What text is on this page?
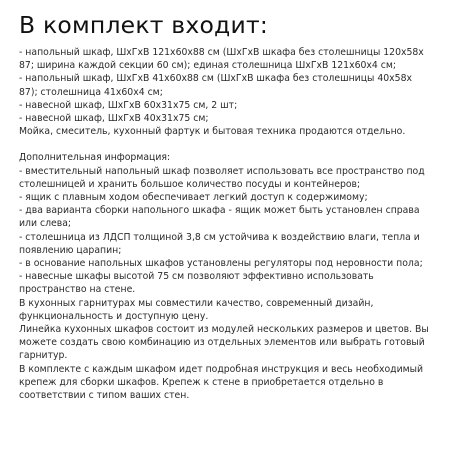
В комплект входит:
- напольный шкаф, ШхГхВ 121х60х88 см (ШхГхВ шкафа без столешницы 120х58х
87; ширина каждой секции 60 см); единая столешница ШхГхВ 121х60х4 см;
- напольный шкаф, ШхГхВ 41х60х88 см (ШхГхВ шкафа без столешницы 40х58х
87); столешница 41х60х4 см;
- навесной шкаф, ШхГхВ 60х31х75 см, 2 шт;
- навесной шкаф, ШхГхВ 40х31х75 см;
Мойка, смеситель, кухонный фартук и бытовая техника продаются отдельно.
Дополнительная информация:
- вместительный напольный шкаф позволяет использовать все пространство под
столешницей и хранить большое количество посуды и контейнеров;
- ящик с плавным ходом обеспечивает легкий доступ к содержимому;
- два варианта сборки напольного шкафа - ящик может быть установлен справа
или слева;
- столешница из ЛДСП толщиной 3,8 см устойчива к воздействию влаги, тепла и
появлению царапин;
- в основание напольных шкафов установлены регуляторы под неровности пола;
- навесные шкафы высотой 75 см позволяют эффективно использовать
пространство на стене.
В кухонных гарнитурах мы совместили качество, современный дизайн,
функциональность и доступную цену.
Линейка кухонных шкафов состоит из модулей нескольких размеров и цветов. Вы
можете создать свою комбинацию из отдельных элементов или выбрать готовый
гарнитур.
В комплекте с каждым шкафом идет подробная инструкция и весь необходимый
крепеж для сборки шкафов. Крепеж к стене в приобретается отдельно в
соответствии с типом ваших стен.
